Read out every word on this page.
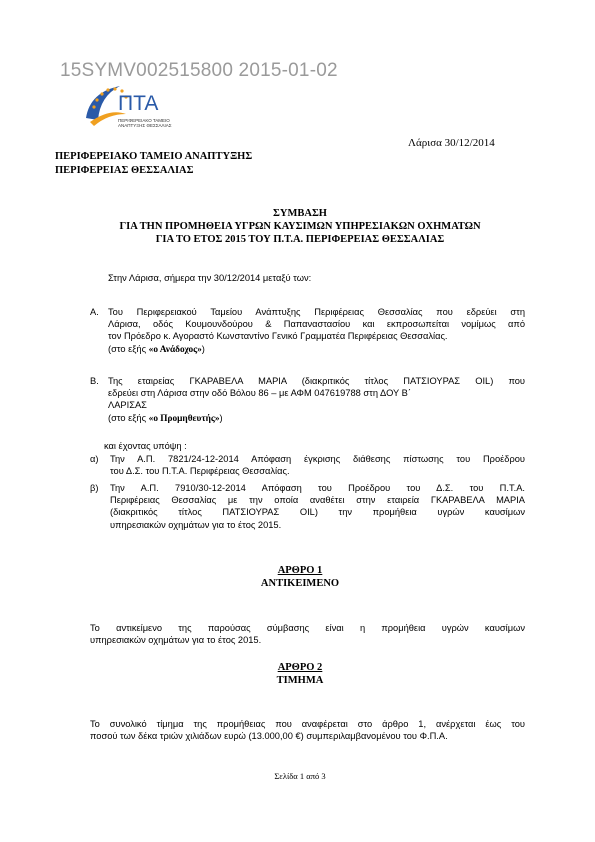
15SYMV002515800 2015-01-02
ΠΤΑ
ΠΕΡΙΦΕΡΕΙΑΚΟ ΤΑΜΕΙΟ
ΑΝΑΠΤΥΞΗΣ ΘΕΣΣΑΛΙΑΣ
Λάρισα 30/12/2014
ΠΕΡΙΦΕΡΕΙΑΚΟ ΤΑΜΕΙΟ ΑΝΑΠΤΥΞΗΣ
ΠΕΡΙΦΕΡΕΙΑΣ ΘΕΣΣΑΛΙΑΣ
ΣΥΜΒΑΣΗ
ΓΙΑ ΤΗΝ ΠΡΟΜΗΘΕΙΑ ΥΓΡΩΝ ΚΑΥΣΙΜΩΝ ΥΠΗΡΕΣΙΑΚΩΝ ΟΧΗΜΑΤΩΝ
ΓΙΑ ΤΟ ΕΤΟΣ 2015 ΤΟΥ Π.Τ.Α. ΠΕΡΙΦΕΡΕΙΑΣ ΘΕΣΣΑΛΙΑΣ
Στην Λάρισα, σήμερα την 30/12/2014 μεταξύ των:
Α. Του Περιφερειακού Ταμείου Ανάπτυξης Περιφέρειας Θεσσαλίας που εδρεύει στη
Λάρισα, οδός Κουμουνδούρου & Παπαναστασίου και εκπροσωπείται νομίμως από
τον Πρόεδρο κ. Αγοραστό Κωνσταντίνο Γενικό Γραμματέα Περιφέρειας Θεσσαλίας.
(στο εξής «ο Ανάδοχος»)
Β. Της εταιρείας ΓΚΑΡΑΒΕΛΑ ΜΑΡΙΑ (διακριτικός τίτλος ΠΑΤΣΙΟΥΡΑΣ OIL) που
εδρεύει στη Λάρισα στην οδό Βόλου 86 – με ΑΦΜ 047619788 στη ΔΟΥ Β΄
ΛΑΡΙΣΑΣ
(στο εξής «ο Προμηθευτής»)
και έχοντας υπόψη :
α) Την Α.Π. 7821/24-12-2014 Απόφαση έγκρισης διάθεσης πίστωσης του Προέδρου
του Δ.Σ. του Π.Τ.Α. Περιφέρειας Θεσσαλίας.
β) Την Α.Π. 7910/30-12-2014 Απόφαση του Προέδρου του Δ.Σ. του Π.Τ.Α.
Περιφέρειας Θεσσαλίας με την οποία αναθέτει στην εταιρεία ΓΚΑΡΑΒΕΛΑ ΜΑΡΙΑ
(διακριτικός τίτλος ΠΑΤΣΙΟΥΡΑΣ OIL) την προμήθεια υγρών καυσίμων
υπηρεσιακών οχημάτων για το έτος 2015.
ΑΡΘΡΟ 1
ΑΝΤΙΚΕΙΜΕΝΟ
Το αντικείμενο της παρούσας σύμβασης είναι η προμήθεια υγρών καυσίμων
υπηρεσιακών οχημάτων για το έτος 2015.
ΑΡΘΡΟ 2
ΤΙΜΗΜΑ
Το συνολικό τίμημα της προμήθειας που αναφέρεται στο άρθρο 1, ανέρχεται έως του
ποσού των δέκα τριών χιλιάδων ευρώ (13.000,00 €) συμπεριλαμβανομένου του Φ.Π.Α.
Σελίδα 1 από 3
